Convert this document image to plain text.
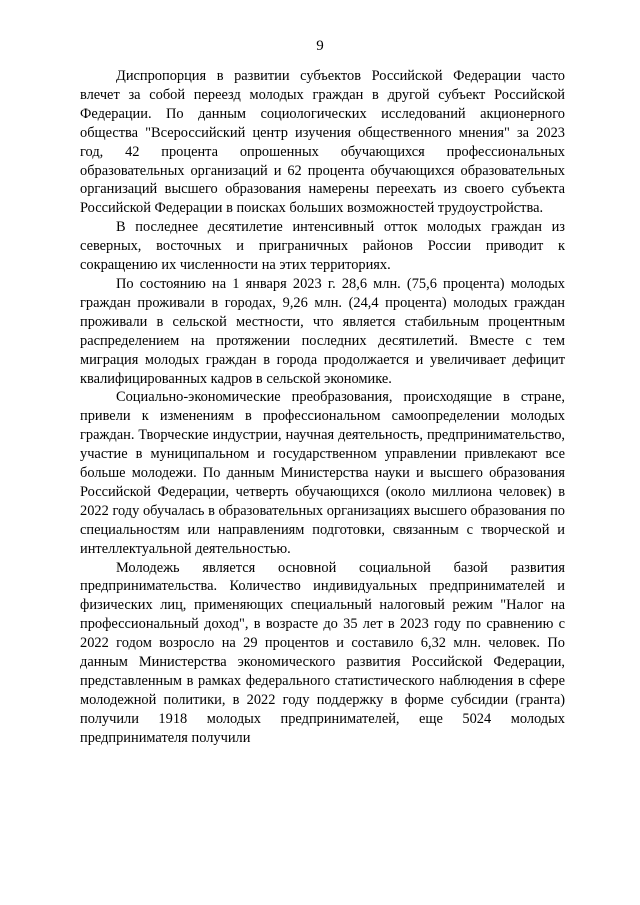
9

Диспропорция в развитии субъектов Российской Федерации часто влечет за собой переезд молодых граждан в другой субъект Российской Федерации. По данным социологических исследований акционерного общества "Всероссийский центр изучения общественного мнения" за 2023 год, 42 процента опрошенных обучающихся профессиональных образовательных организаций и 62 процента обучающихся образовательных организаций высшего образования намерены переехать из своего субъекта Российской Федерации в поисках больших возможностей трудоустройства.

В последнее десятилетие интенсивный отток молодых граждан из северных, восточных и приграничных районов России приводит к сокращению их численности на этих территориях.

По состоянию на 1 января 2023 г. 28,6 млн. (75,6 процента) молодых граждан проживали в городах, 9,26 млн. (24,4 процента) молодых граждан проживали в сельской местности, что является стабильным процентным распределением на протяжении последних десятилетий. Вместе с тем миграция молодых граждан в города продолжается и увеличивает дефицит квалифицированных кадров в сельской экономике.

Социально-экономические преобразования, происходящие в стране, привели к изменениям в профессиональном самоопределении молодых граждан. Творческие индустрии, научная деятельность, предпринимательство, участие в муниципальном и государственном управлении привлекают все больше молодежи. По данным Министерства науки и высшего образования Российской Федерации, четверть обучающихся (около миллиона человек) в 2022 году обучалась в образовательных организациях высшего образования по специальностям или направлениям подготовки, связанным с творческой и интеллектуальной деятельностью.

Молодежь является основной социальной базой развития предпринимательства. Количество индивидуальных предпринимателей и физических лиц, применяющих специальный налоговый режим "Налог на профессиональный доход", в возрасте до 35 лет в 2023 году по сравнению с 2022 годом возросло на 29 процентов и составило 6,32 млн. человек. По данным Министерства экономического развития Российской Федерации, представленным в рамках федерального статистического наблюдения в сфере молодежной политики, в 2022 году поддержку в форме субсидии (гранта) получили 1918 молодых предпринимателей, еще 5024 молодых предпринимателя получили
